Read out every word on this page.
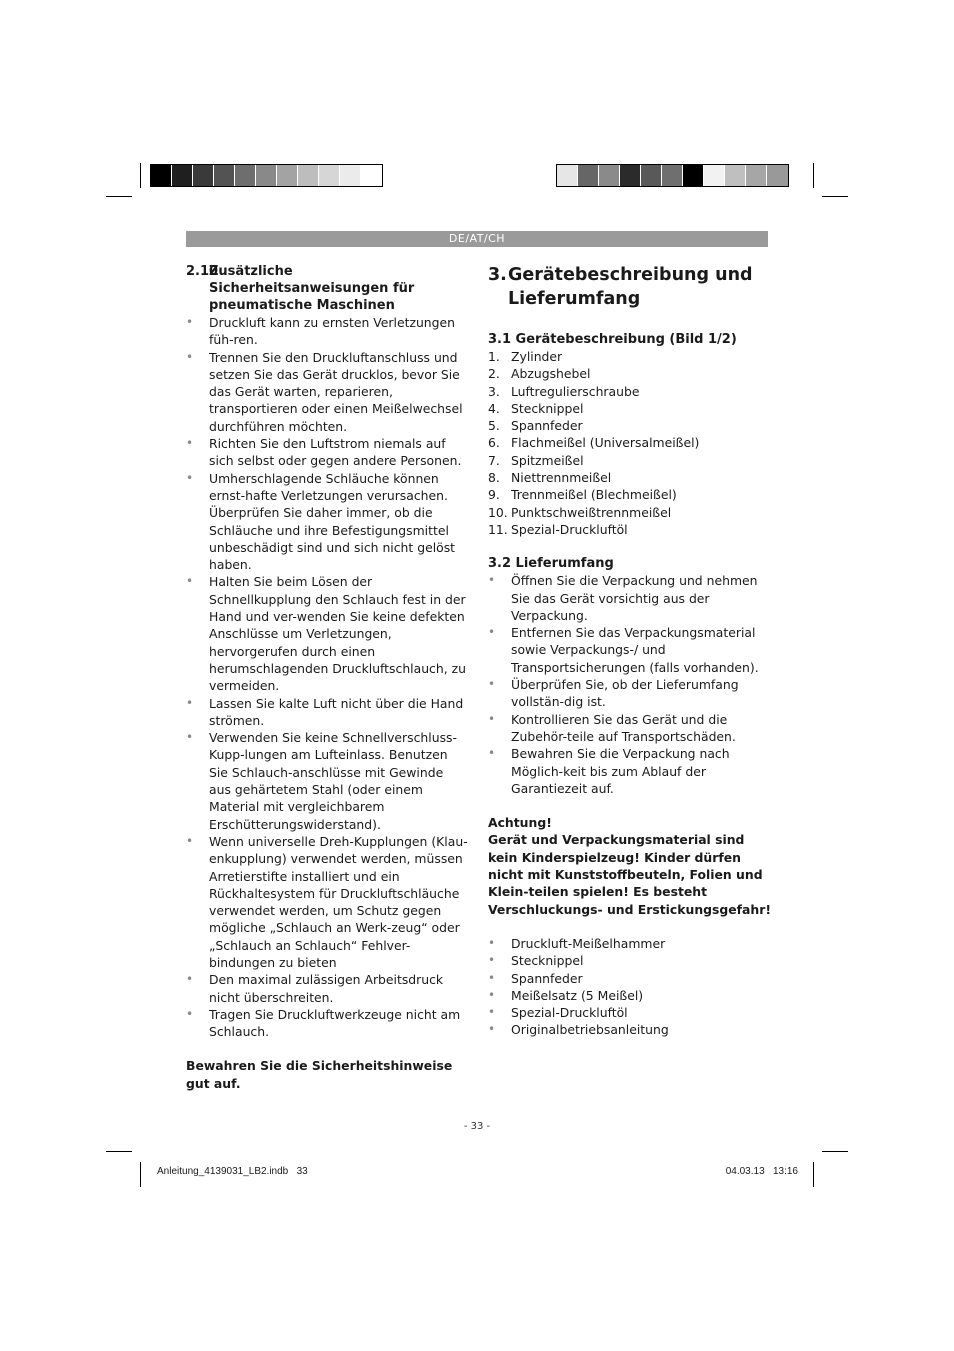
DE/AT/CH
2.10Zusätzliche Sicherheitsanweisungen für pneumatische Maschinen
• Druckluft kann zu ernsten Verletzungen füh-ren.
• Trennen Sie den Druckluftanschluss und setzen Sie das Gerät drucklos, bevor Sie das Gerät warten, reparieren, transportieren oder einen Meißelwechsel durchführen möchten.
• Richten Sie den Luftstrom niemals auf sich selbst oder gegen andere Personen.
• Umherschlagende Schläuche können ernst-hafte Verletzungen verursachen. Überprüfen Sie daher immer, ob die Schläuche und ihre Befestigungsmittel unbeschädigt sind und sich nicht gelöst haben.
• Halten Sie beim Lösen der Schnellkupplung den Schlauch fest in der Hand und ver-wenden Sie keine defekten Anschlüsse um Verletzungen, hervorgerufen durch einen herumschlagenden Druckluftschlauch, zu vermeiden.
• Lassen Sie kalte Luft nicht über die Hand strömen.
• Verwenden Sie keine Schnellverschluss-Kupp-lungen am Lufteinlass. Benutzen Sie Schlauch-anschlüsse mit Gewinde aus gehärtetem Stahl (oder einem Material mit vergleichbarem Erschütterungswiderstand).
• Wenn universelle Dreh-Kupplungen (Klau-enkupplung) verwendet werden, müssen Arretierstifte installiert und ein Rückhaltesystem für Druckluftschläuche verwendet werden, um Schutz gegen mögliche „Schlauch an Werk-zeug“ oder „Schlauch an Schlauch“ Fehlver-bindungen zu bieten
• Den maximal zulässigen Arbeitsdruck nicht überschreiten.
• Tragen Sie Druckluftwerkzeuge nicht am Schlauch.

Bewahren Sie die Sicherheitshinweise gut auf.

3.Gerätebeschreibung und Lieferumfang
3.1 Gerätebeschreibung (Bild 1/2)
1. Zylinder
2. Abzugshebel
3. Luftregulierschraube
4. Stecknippel
5. Spannfeder
6. Flachmeißel (Universalmeißel)
7. Spitzmeißel
8. Niettrennmeißel
9. Trennmeißel (Blechmeißel)
10. Punktschweißtrennmeißel
11. Spezial-Druckluftöl
3.2 Lieferumfang
• Öffnen Sie die Verpackung und nehmen Sie das Gerät vorsichtig aus der Verpackung.
• Entfernen Sie das Verpackungsmaterial sowie Verpackungs-/ und Transportsicherungen (falls vorhanden).
• Überprüfen Sie, ob der Lieferumfang vollstän-dig ist.
• Kontrollieren Sie das Gerät und die Zubehör-teile auf Transportschäden.
• Bewahren Sie die Verpackung nach Möglich-keit bis zum Ablauf der Garantiezeit auf.

Achtung!

Gerät und Verpackungsmaterial sind kein Kinderspielzeug! Kinder dürfen nicht mit Kunststoffbeuteln, Folien und Klein-teilen spielen! Es besteht Verschluckungs- und Erstickungsgefahr!

• Druckluft-Meißelhammer
• Stecknippel
• Spannfeder
• Meißelsatz (5 Meißel)
• Spezial-Druckluftöl
• Originalbetriebsanleitung
- 33 -
Anleitung_4139031_LB2.indb   33	04.03.13   13:16
